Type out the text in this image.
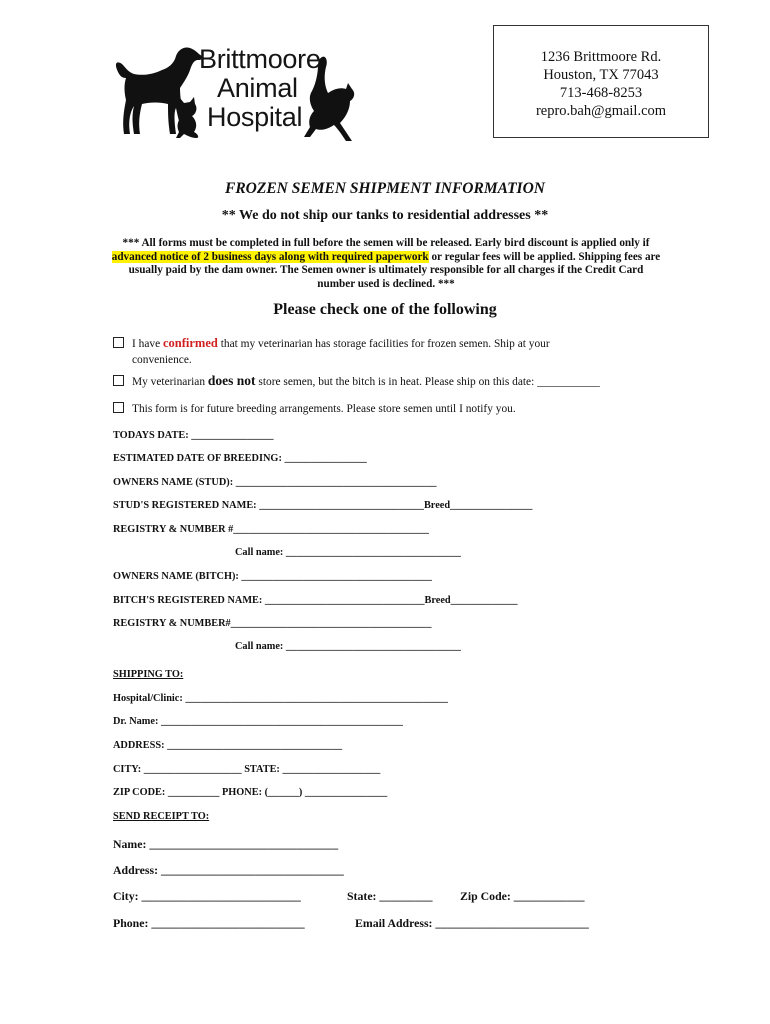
Brittmoore
Animal
Hospital
1236 Brittmoore Rd.
Houston, TX 77043
713-468-8253
repro.bah@gmail.com
FROZEN SEMEN SHIPMENT INFORMATION
** We do not ship our tanks to residential addresses **
*** All forms must be completed in full before the semen will be released. Early bird discount is applied only if advanced notice of 2 business days along with required paperwork or regular fees will be applied. Shipping fees are usually paid by the dam owner. The Semen owner is ultimately responsible for all charges if the Credit Card number used is declined. ***
Please check one of the following
I have confirmed that my veterinarian has storage facilities for frozen semen. Ship at your
convenience.
My veterinarian does not store semen, but the bitch is in heat. Please ship on this date: ___________
This form is for future breeding arrangements. Please store semen until I notify you.
TODAYS DATE: ________________
ESTIMATED DATE OF BREEDING: ________________
OWNERS NAME (STUD): _______________________________________
STUD'S REGISTERED NAME: ________________________________Breed________________
REGISTRY & NUMBER #______________________________________
Call name: __________________________________
OWNERS NAME (BITCH): _____________________________________
BITCH'S REGISTERED NAME: _______________________________Breed_____________
REGISTRY & NUMBER#_______________________________________
Call name: __________________________________
SHIPPING TO:
Hospital/Clinic: ___________________________________________________
Dr. Name: _______________________________________________
ADDRESS: __________________________________
CITY: ___________________ STATE: ___________________
ZIP CODE: __________ PHONE: (______) ________________
SEND RECEIPT TO:
Name: ________________________________
Address: _______________________________
City: ___________________________	State: _________ Zip Code: ____________
Phone: __________________________	Email Address: __________________________
